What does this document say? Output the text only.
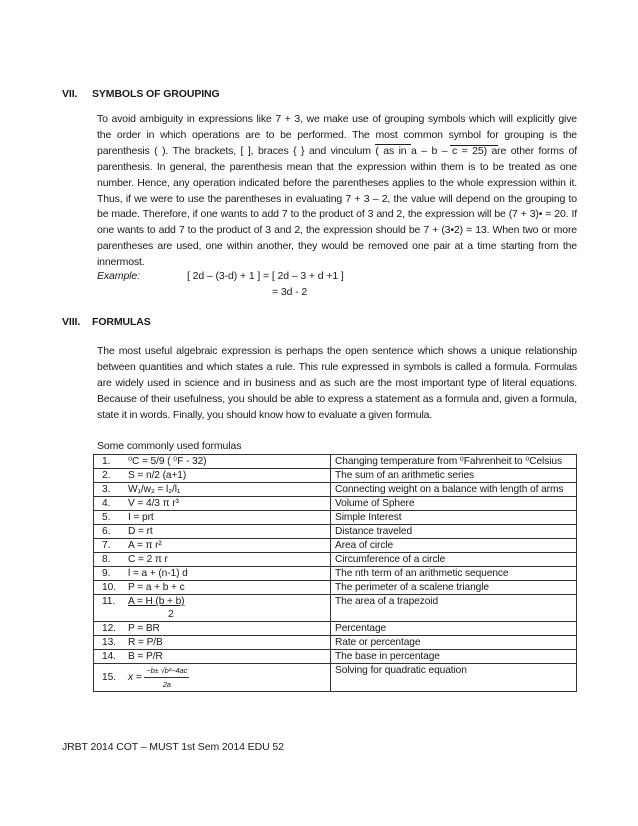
VII. SYMBOLS OF GROUPING
To avoid ambiguity in expressions like 7 + 3, we make use of grouping symbols which will explicitly give the order in which operations are to be performed. The most common symbol for grouping is the parenthesis ( ). The brackets, [ ], braces { } and vinculum ( as in a – b – c = 25) are other forms of parenthesis. In general, the parenthesis mean that the expression within them is to be treated as one number. Hence, any operation indicated before the parentheses applies to the whole expression within it. Thus, if we were to use the parentheses in evaluating 7 + 3 – 2, the value will depend on the grouping to be made. Therefore, if one wants to add 7 to the product of 3 and 2, the expression will be (7 + 3)• = 20. If one wants to add 7 to the product of 3 and 2, the expression should be 7 + (3•2) = 13. When two or more parentheses are used, one within another, they would be removed one pair at a time starting from the innermost.
Example:	[ 2d – (3-d) + 1 ] = [ 2d – 3 + d +1 ]
= 3d - 2
VIII. FORMULAS
The most useful algebraic expression is perhaps the open sentence which shows a unique relationship between quantities and which states a rule. This rule expressed in symbols is called a formula. Formulas are widely used in science and in business and as such are the most important type of literal equations. Because of their usefulness, you should be able to express a statement as a formula and, given a formula, state it in words. Finally, you should know how to evaluate a given formula.
Some commonly used formulas
1. ⁰C = 5/9 ( ⁰F - 32)	Changing temperature from ⁰Fahrenheit to ⁰Celsius
2. S = n/2 (a+1)	The sum of an arithmetic series
3. W₁/w₂ = l₂/l₁	Connecting weight on a balance with length of arms
4. V = 4/3 π r³	Volume of Sphere
5. I = prt	Simple Interest
6. D = rt	Distance traveled
7. A = π r²	Area of circle
8. C = 2 π r	Circumference of a circle
9. l = a + (n-1) d	The nth term of an arithmetic sequence
10. P = a + b + c	The perimeter of a scalene triangle
11. A = H (b + b)
2	The area of a trapezoid
12. P = BR	Percentage
13. R = P/B	Rate or percentage
14. B = P/R	The base in percentage
15. $x = \frac{\text{−b± √b²−4ac}}{2a}$	Solving for quadratic equation
JRBT 2014 COT – MUST 1st Sem 2014 EDU 52
